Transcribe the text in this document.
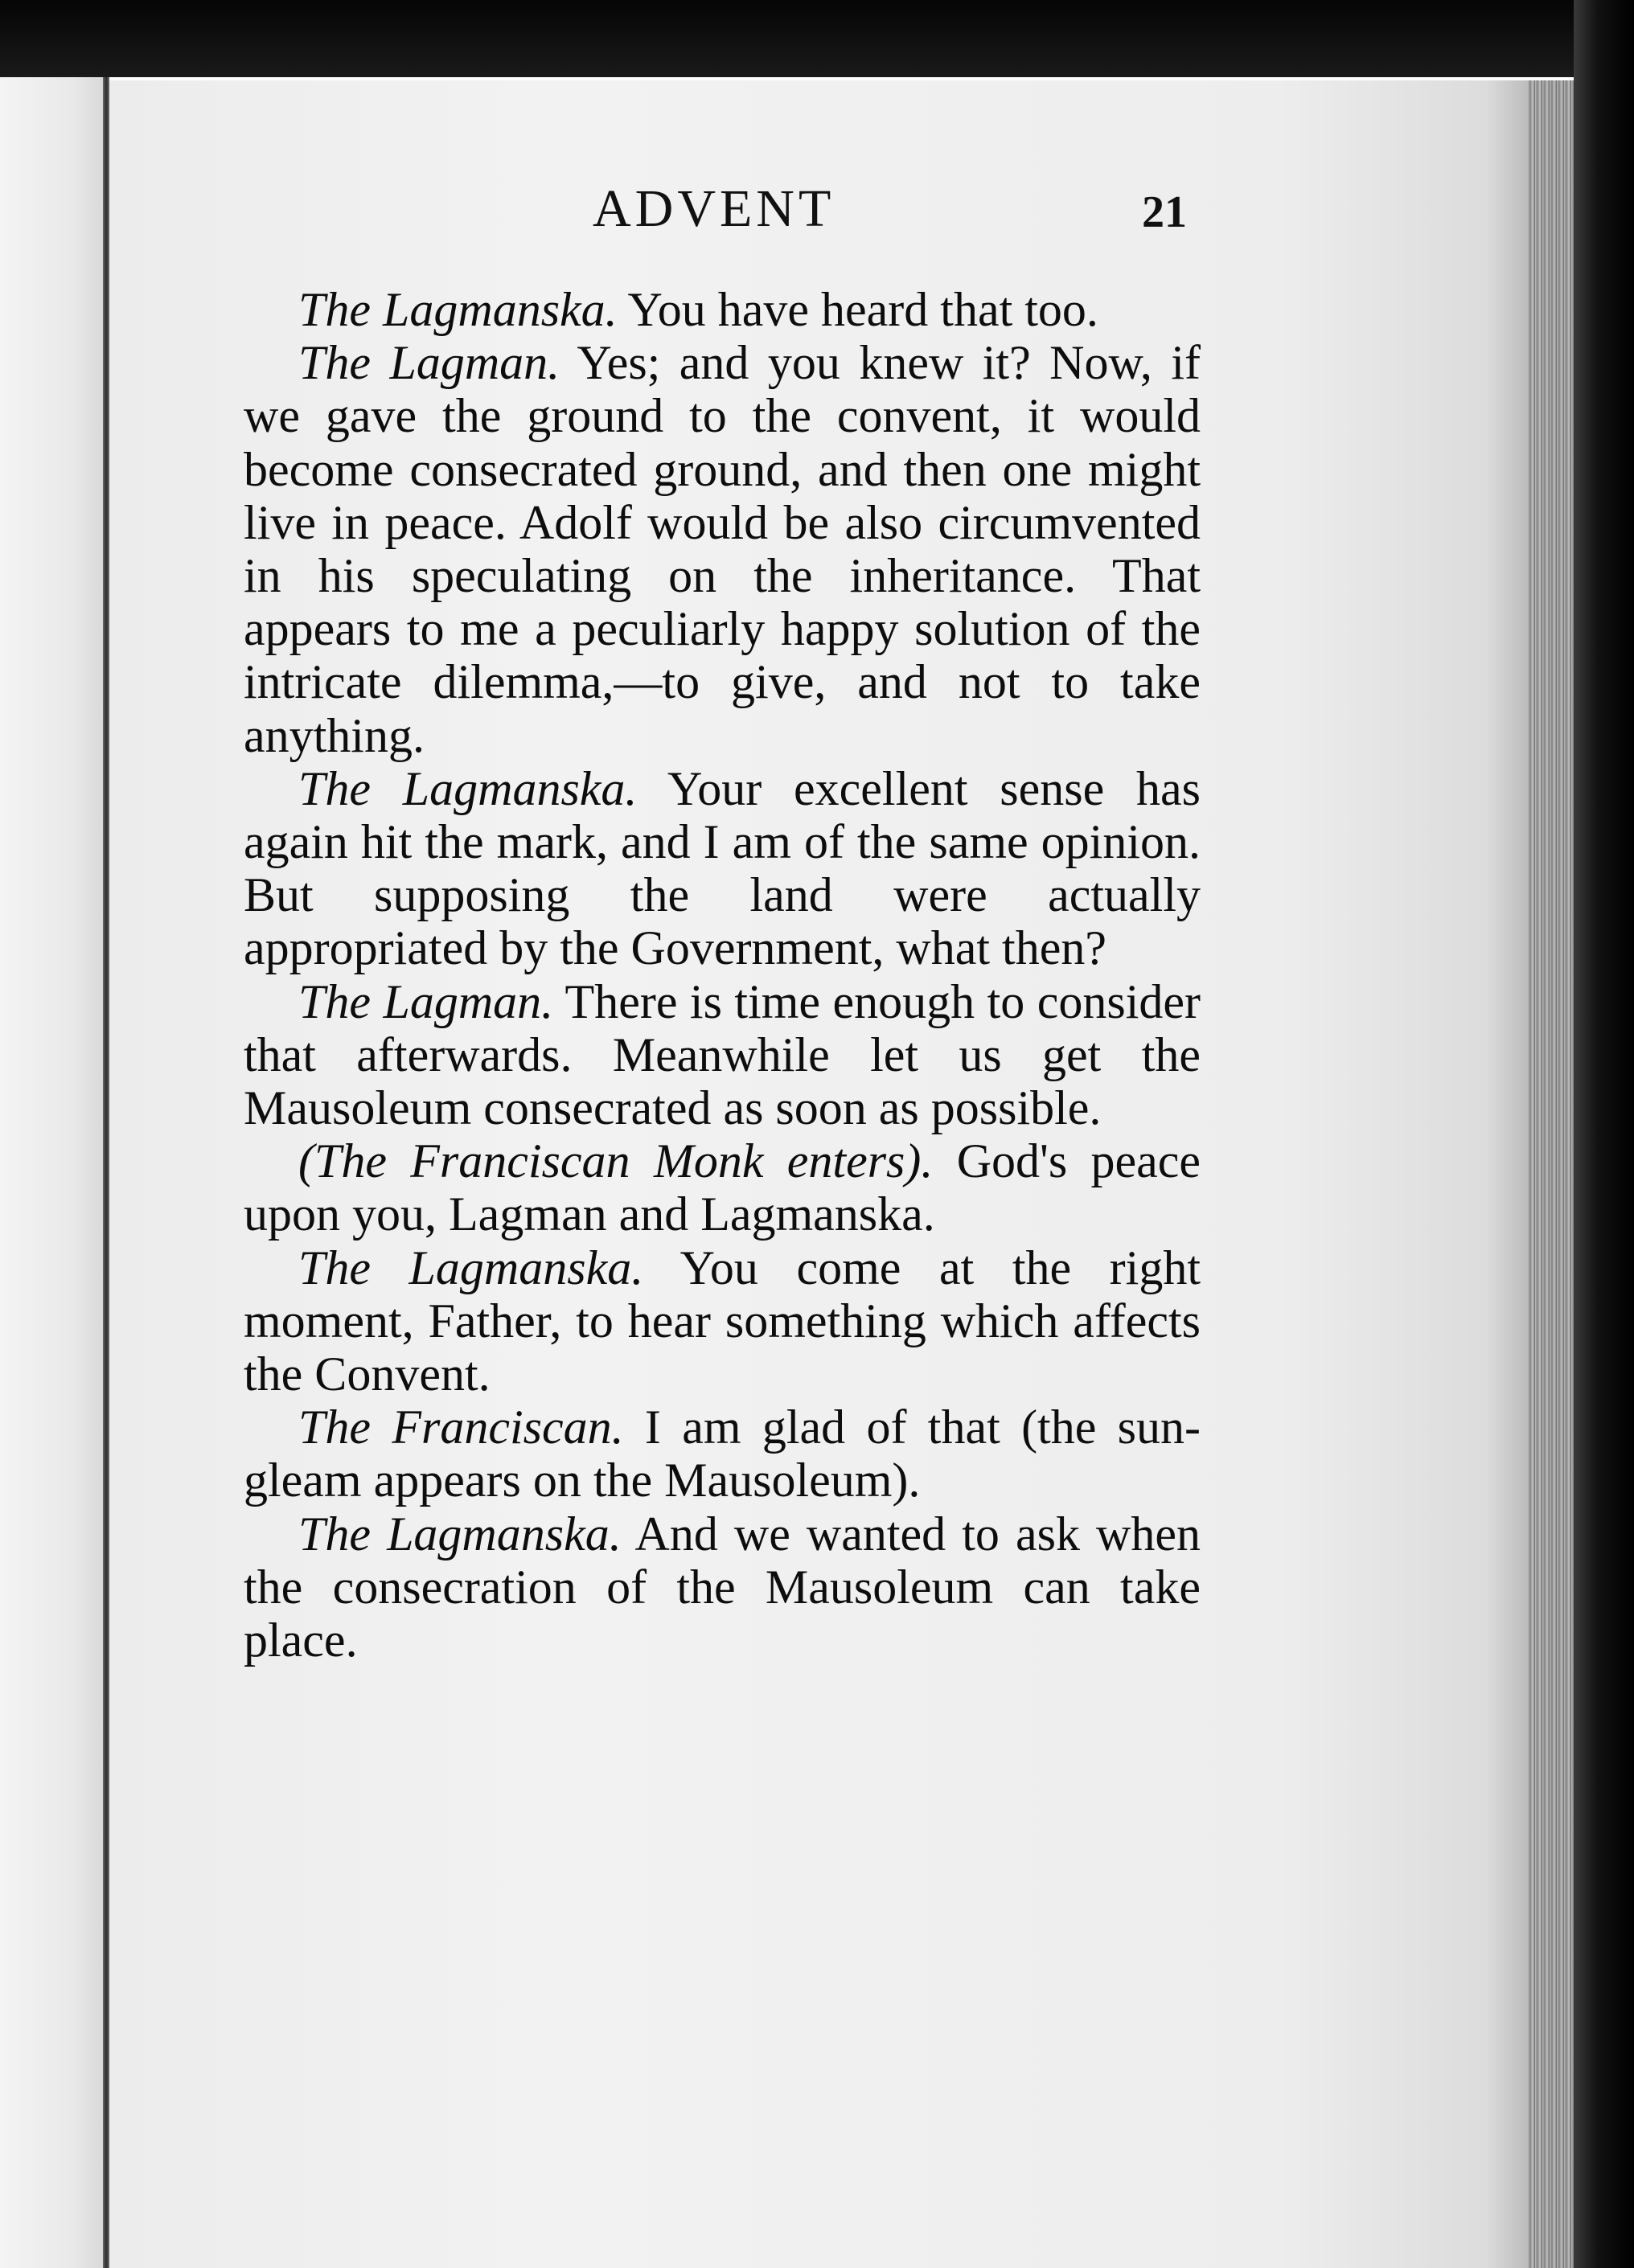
ADVENT	21

The Lagmanska. You have heard that too.

The Lagman. Yes; and you knew it? Now, if we gave the ground to the convent, it would become consecrated ground, and then one might live in peace. Adolf would be also circumvented in his speculating on the inheritance. That appears to me a peculiarly happy solution of the intricate dilemma,—to give, and not to take anything.

The Lagmanska. Your excellent sense has again hit the mark, and I am of the same opinion. But supposing the land were actually appropriated by the Government, what then?

The Lagman. There is time enough to consider that afterwards. Meanwhile let us get the Mausoleum consecrated as soon as possible.

(The Franciscan Monk enters). God's peace upon you, Lagman and Lagmanska.

The Lagmanska. You come at the right moment, Father, to hear something which affects the Convent.

The Franciscan. I am glad of that (the sun-gleam appears on the Mausoleum).

The Lagmanska. And we wanted to ask when the consecration of the Mausoleum can take place.
